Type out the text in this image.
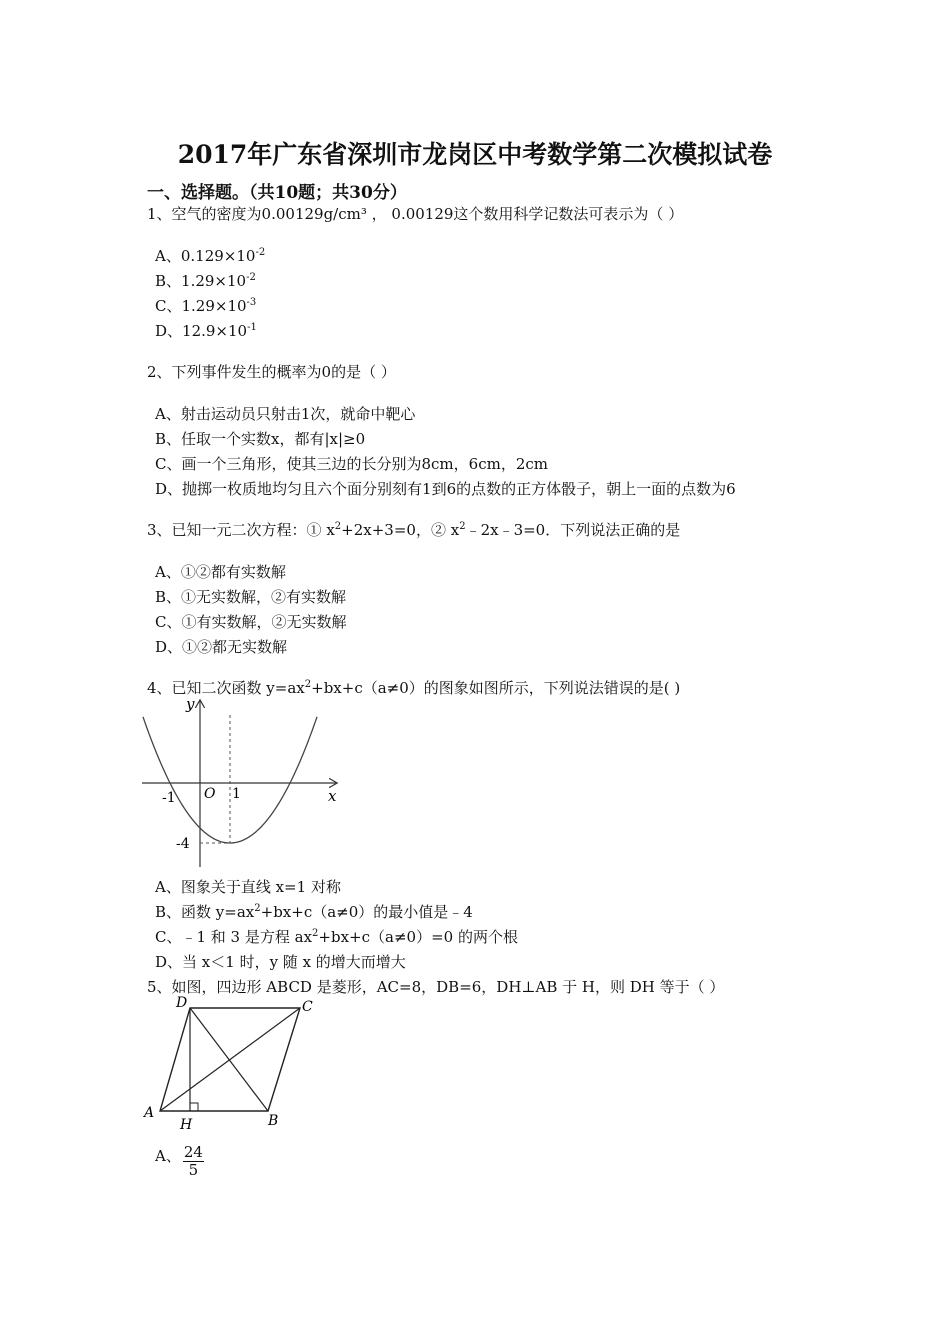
2017年广东省深圳市龙岗区中考数学第二次模拟试卷
一、选择题。（共10题；共30分）
1、空气的密度为0.00129g/cm³ ， 0.00129这个数用科学记数法可表示为（ ）
A、$0.129\times 10^{-2}$
B、$1.29\times 10^{-2}$
C、$1.29\times 10^{-3}$
D、$12.9\times 10^{-1}$
2、下列事件发生的概率为0的是（ ）
A、射击运动员只射击1次，就命中靶心
B、任取一个实数x，都有|x|≥0
C、画一个三角形，使其三边的长分别为8cm，6cm，2cm
D、抛掷一枚质地均匀且六个面分别刻有1到6的点数的正方体骰子，朝上一面的点数为6
3、已知一元二次方程：① $x^2+2x+3=0$，② $x^2﹣2x﹣3=0$．下列说法正确的是
A、①②都有实数解
B、①无实数解，②有实数解
C、①有实数解，②无实数解
D、①②都无实数解
4、已知二次函数 $y=ax^2+bx+c(a\ne 0)$的图象如图所示，下列说法错误的是( )
y
x
O
-1	1
-4
A、图象关于直线 x=1 对称
B、函数 $y=ax^2+bx+c(a\ne 0)$的最小值是﹣4
C、﹣1 和 3 是方程 $ax^2+bx+c(a\ne 0)=0$ 的两个根
D、当 x＜1 时，y 随 x 的增大而增大
5、如图，四边形 ABCD 是菱形，AC=8，DB=6，DH⊥AB 于 H，则 DH 等于（ ）
D	C
A	B
H
A、 $\frac{24}{5}$
